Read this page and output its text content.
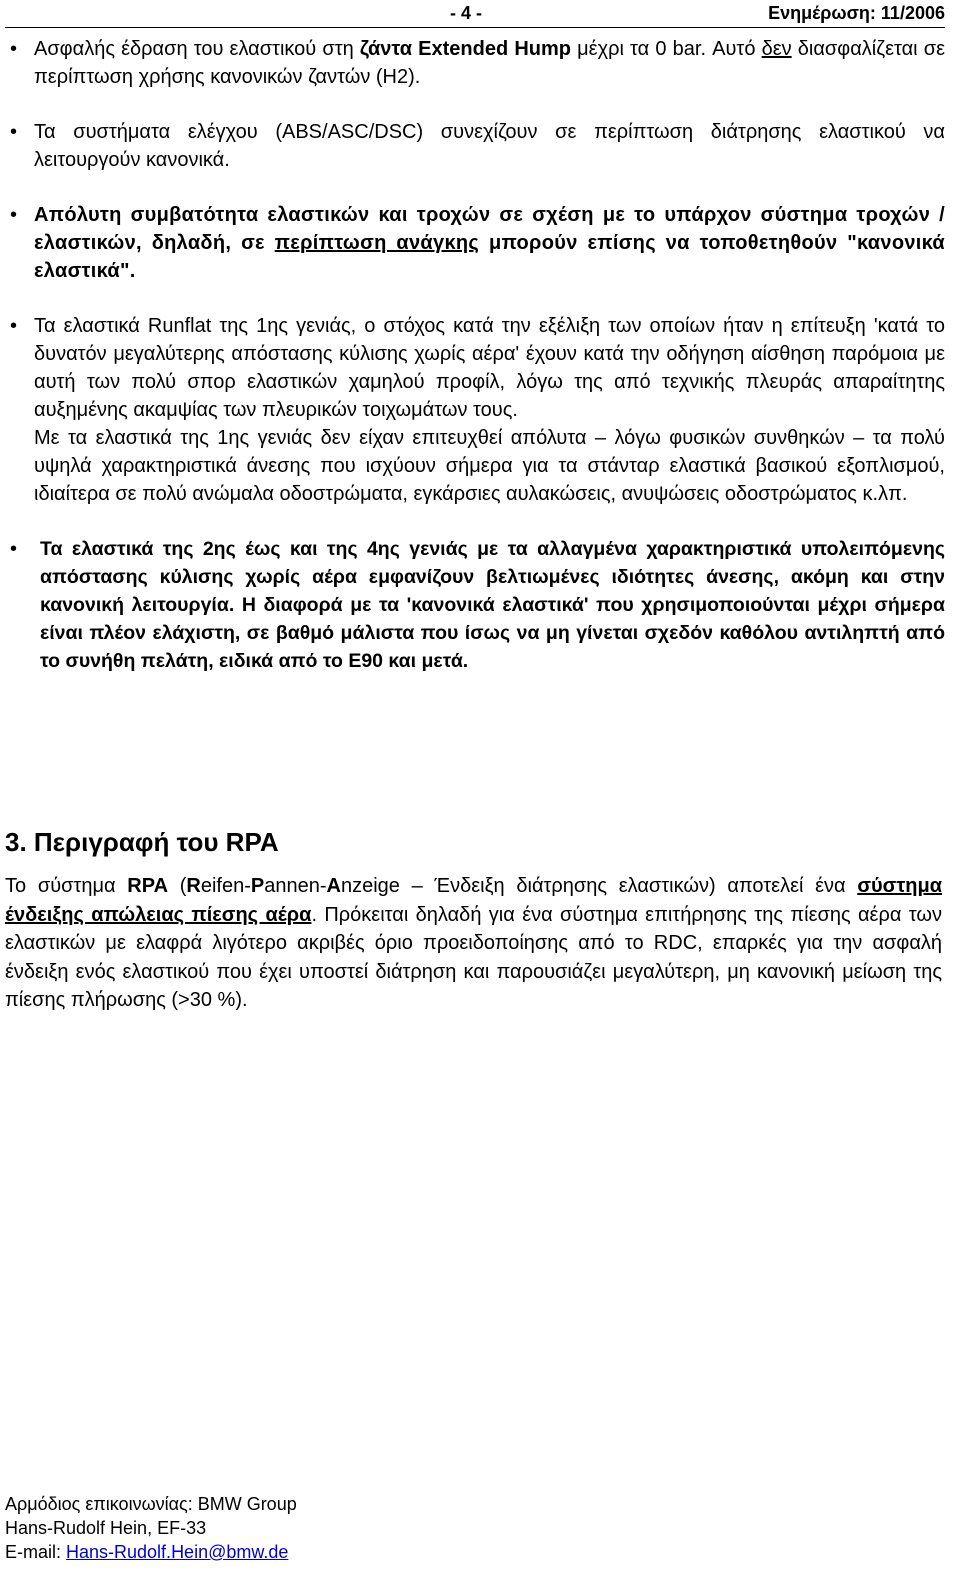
- 4 -	Ενημέρωση: 11/2006
• Ασφαλής έδραση του ελαστικού στη ζάντα Extended Hump μέχρι τα 0 bar. Αυτό δεν διασφαλίζεται σε περίπτωση χρήσης κανονικών ζαντών (H2).
• Τα συστήματα ελέγχου (ABS/ASC/DSC) συνεχίζουν σε περίπτωση διάτρησης ελαστικού να λειτουργούν κανονικά.
• Απόλυτη συμβατότητα ελαστικών και τροχών σε σχέση με το υπάρχον σύστημα τροχών / ελαστικών, δηλαδή, σε περίπτωση ανάγκης μπορούν επίσης να τοποθετηθούν "κανονικά ελαστικά".
• Τα ελαστικά Runflat της 1ης γενιάς, ο στόχος κατά την εξέλιξη των οποίων ήταν η επίτευξη 'κατά το δυνατόν μεγαλύτερης απόστασης κύλισης χωρίς αέρα' έχουν κατά την οδήγηση αίσθηση παρόμοια με αυτή των πολύ σπορ ελαστικών χαμηλού προφίλ, λόγω της από τεχνικής πλευράς απαραίτητης αυξημένης ακαμψίας των πλευρικών τοιχωμάτων τους.
Με τα ελαστικά της 1ης γενιάς δεν είχαν επιτευχθεί απόλυτα – λόγω φυσικών συνθηκών – τα πολύ υψηλά χαρακτηριστικά άνεσης που ισχύουν σήμερα για τα στάνταρ ελαστικά βασικού εξοπλισμού, ιδιαίτερα σε πολύ ανώμαλα οδοστρώματα, εγκάρσιες αυλακώσεις, ανυψώσεις οδοστρώματος κ.λπ.
• Τα ελαστικά της 2ης έως και της 4ης γενιάς με τα αλλαγμένα χαρακτηριστικά υπολειπόμενης απόστασης κύλισης χωρίς αέρα εμφανίζουν βελτιωμένες ιδιότητες άνεσης, ακόμη και στην κανονική λειτουργία. Η διαφορά με τα 'κανονικά ελαστικά' που χρησιμοποιούνται μέχρι σήμερα είναι πλέον ελάχιστη, σε βαθμό μάλιστα που ίσως να μη γίνεται σχεδόν καθόλου αντιληπτή από το συνήθη πελάτη, ειδικά από το E90 και μετά.
3. Περιγραφή του RPA

Το σύστημα RPA (Reifen-Pannen-Anzeige – Ένδειξη διάτρησης ελαστικών) αποτελεί ένα σύστημα ένδειξης απώλειας πίεσης αέρα. Πρόκειται δηλαδή για ένα σύστημα επιτήρησης της πίεσης αέρα των ελαστικών με ελαφρά λιγότερο ακριβές όριο προειδοποίησης από το RDC, επαρκές για την ασφαλή ένδειξη ενός ελαστικού που έχει υποστεί διάτρηση και παρουσιάζει μεγαλύτερη, μη κανονική μείωση της πίεσης πλήρωσης (>30 %).

Αρμόδιος επικοινωνίας: BMW Group
Hans-Rudolf Hein, EF-33
E-mail: Hans-Rudolf.Hein@bmw.de
